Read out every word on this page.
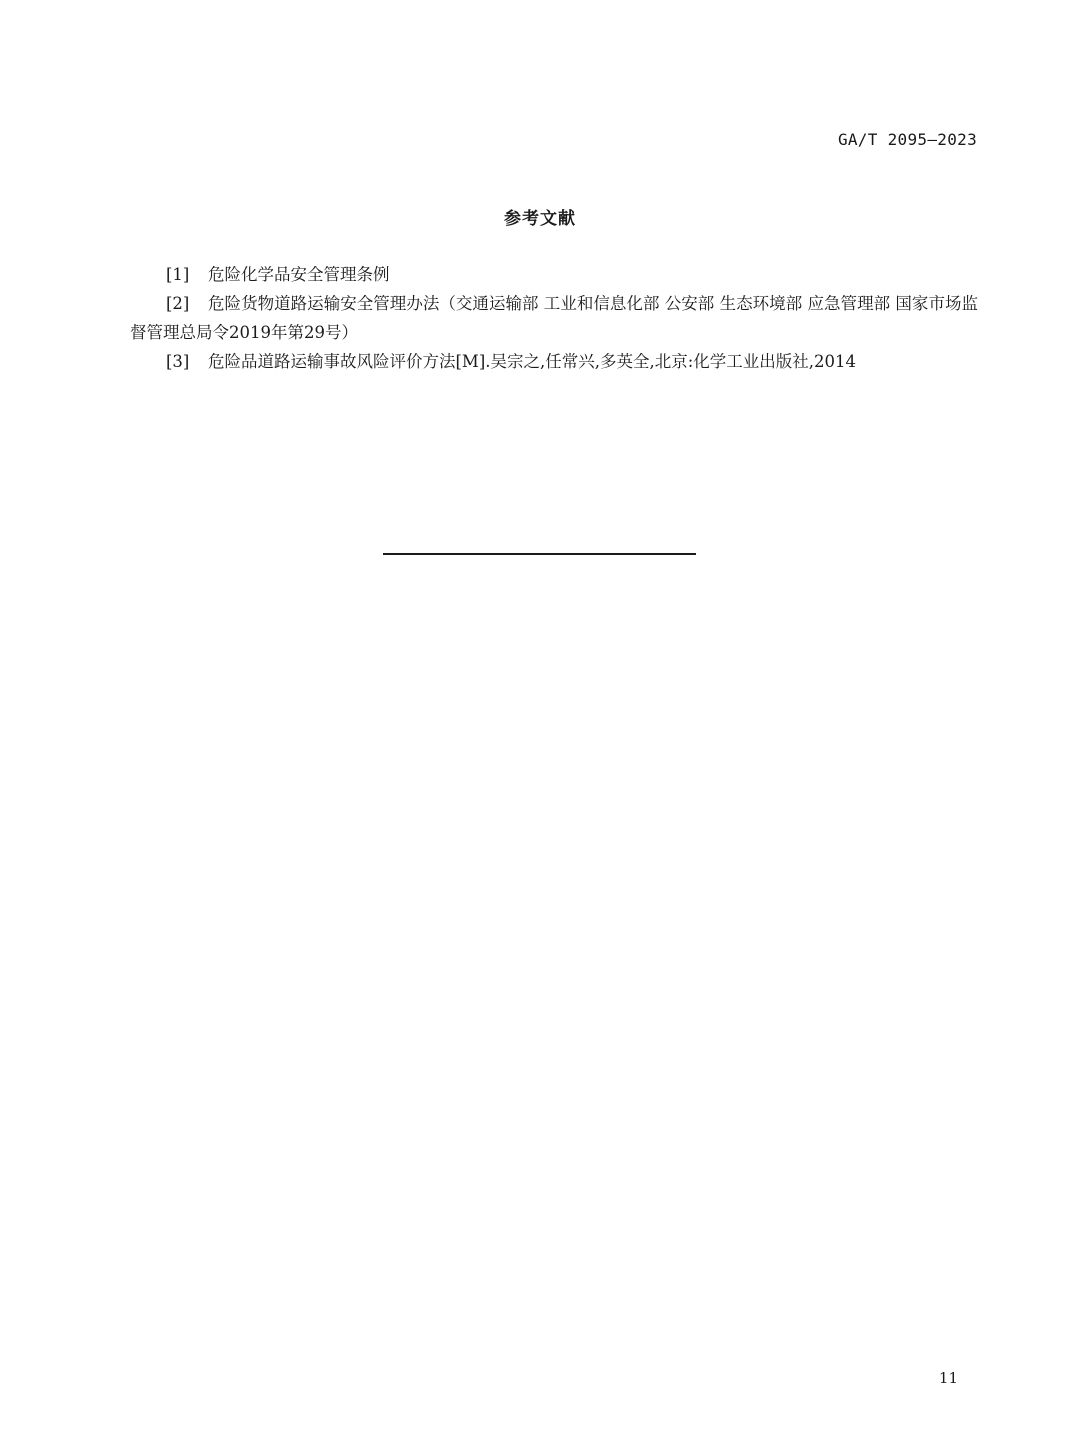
GA/T 2095—2023
参考文献

[1] 危险化学品安全管理条例

[2] 危险货物道路运输安全管理办法（交通运输部 工业和信息化部 公安部 生态环境部 应急管理部 国家市场监督管理总局令2019年第29号）

[3] 危险品道路运输事故风险评价方法[M].吴宗之,任常兴,多英全,北京:化学工业出版社,2014

11
